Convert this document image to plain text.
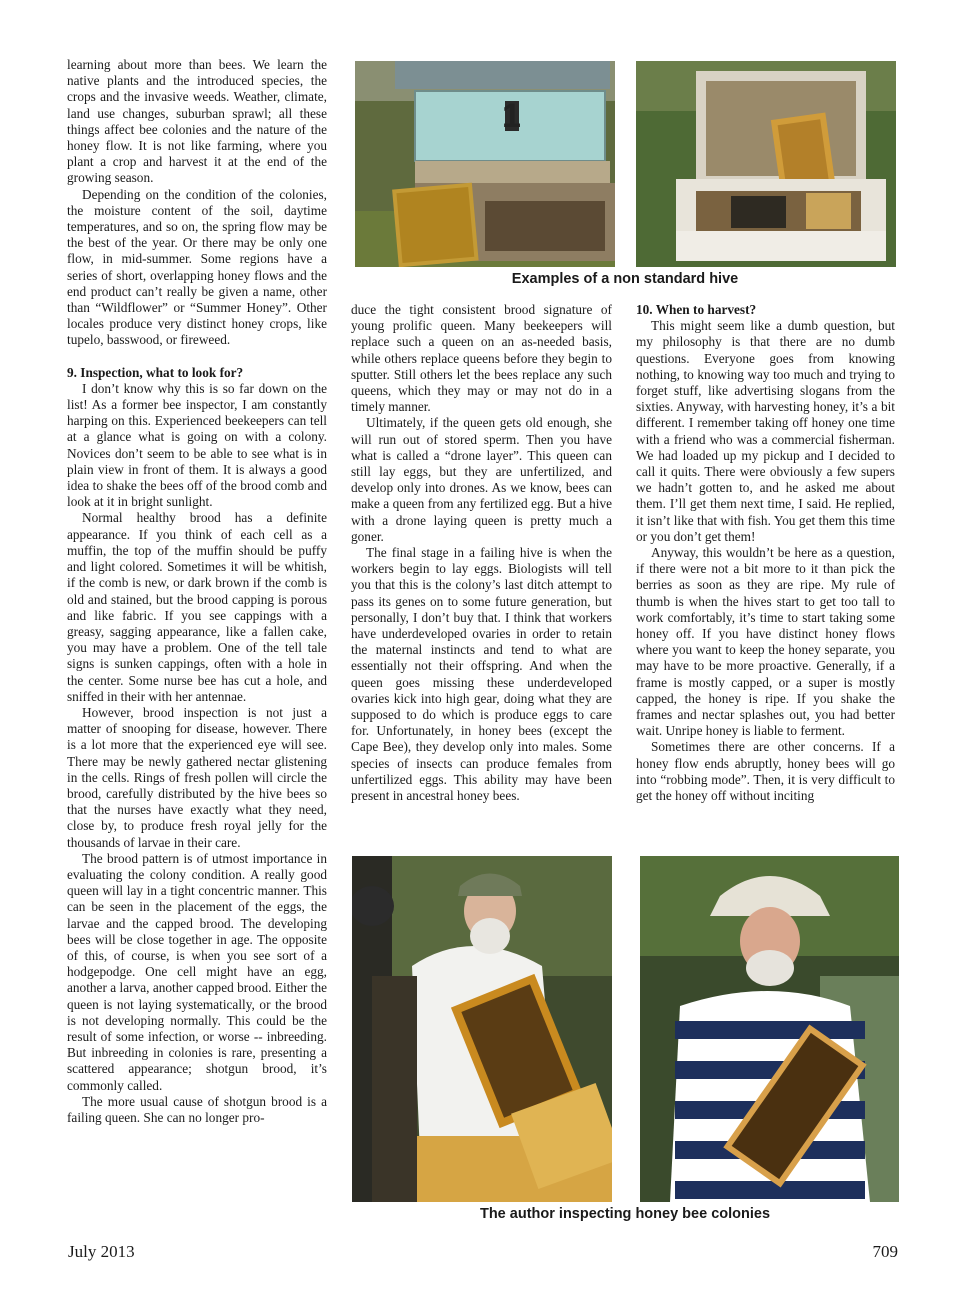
learning about more than bees. We learn the native plants and the introduced species, the crops and the invasive weeds. Weather, climate, land use changes, suburban sprawl; all these things affect bee colonies and the nature of the honey flow. It is not like farming, where you plant a crop and harvest it at the end of the growing season.

Depending on the condition of the colonies, the moisture content of the soil, daytime temperatures, and so on, the spring flow may be the best of the year. Or there may be only one flow, in mid-summer. Some regions have a series of short, overlapping honey flows and the end product can’t really be given a name, other than “Wildflower” or “Summer Honey”. Other locales produce very distinct honey crops, like tupelo, basswood, or fireweed.

9. Inspection, what to look for?

I don’t know why this is so far down on the list! As a former bee inspector, I am constantly harping on this. Experienced beekeepers can tell at a glance what is going on with a colony. Novices don’t seem to be able to see what is in plain view in front of them. It is always a good idea to shake the bees off of the brood comb and look at it in bright sunlight.

Normal healthy brood has a definite appearance. If you think of each cell as a muffin, the top of the muffin should be puffy and light colored. Sometimes it will be whitish, if the comb is new, or dark brown if the comb is old and stained, but the brood capping is porous and like fabric. If you see cappings with a greasy, sagging appearance, like a fallen cake, you may have a problem. One of the tell tale signs is sunken cappings, often with a hole in the center. Some nurse bee has cut a hole, and sniffed in their with her antennae.

However, brood inspection is not just a matter of snooping for disease, however. There is a lot more that the experienced eye will see. There may be newly gathered nectar glistening in the cells. Rings of fresh pollen will circle the brood, carefully distributed by the hive bees so that the nurses have exactly what they need, close by, to produce fresh royal jelly for the thousands of larvae in their care.

The brood pattern is of utmost importance in evaluating the colony condition. A really good queen will lay in a tight concentric manner. This can be seen in the placement of the eggs, the larvae and the capped brood. The developing bees will be close together in age. The opposite of this, of course, is when you see sort of a hodgepodge. One cell might have an egg, another a larva, another capped brood. Either the queen is not laying systematically, or the brood is not developing normally. This could be the result of some infection, or worse -- inbreeding. But inbreeding in colonies is rare, presenting a scattered appearance; shotgun brood, it’s commonly called.

The more usual cause of shotgun brood is a failing queen. She can no longer pro-

1
Examples of a non standard hive

duce the tight consistent brood signature of young prolific queen. Many beekeepers will replace such a queen on an as-needed basis, while others replace queens before they begin to sputter. Still others let the bees replace any such queens, which they may or may not do in a timely manner.

Ultimately, if the queen gets old enough, she will run out of stored sperm. Then you have what is called a “drone layer”. This queen can still lay eggs, but they are unfertilized, and develop only into drones. As we know, bees can make a queen from any fertilized egg. But a hive with a drone laying queen is pretty much a goner.

The final stage in a failing hive is when the workers begin to lay eggs. Biologists will tell you that this is the colony’s last ditch attempt to pass its genes on to some future generation, but personally, I don’t buy that. I think that workers have underdeveloped ovaries in order to retain the maternal instincts and tend to what are essentially not their offspring. And when the queen goes missing these underdeveloped ovaries kick into high gear, doing what they are supposed to do which is produce eggs to care for. Unfortunately, in honey bees (except the Cape Bee), they develop only into males. Some species of insects can produce females from unfertilized eggs. This ability may have been present in ancestral honey bees.

10. When to harvest?

This might seem like a dumb question, but my philosophy is that there are no dumb questions. Everyone goes from knowing nothing, to knowing way too much and trying to forget stuff, like advertising slogans from the sixties. Anyway, with harvesting honey, it’s a bit different. I remember taking off honey one time with a friend who was a commercial fisherman. We had loaded up my pickup and I decided to call it quits. There were obviously a few supers we hadn’t gotten to, and he asked me about them. I’ll get them next time, I said. He replied, it isn’t like that with fish. You get them this time or you don’t get them!

Anyway, this wouldn’t be here as a question, if there were not a bit more to it than pick the berries as soon as they are ripe. My rule of thumb is when the hives start to get too tall to work comfortably, it’s time to start taking some honey off. If you have distinct honey flows where you want to keep the honey separate, you may have to be more proactive. Generally, if a frame is mostly capped, or a super is mostly capped, the honey is ripe. If you shake the frames and nectar splashes out, you had better wait. Unripe honey is liable to ferment.

Sometimes there are other concerns. If a honey flow ends abruptly, honey bees will go into “robbing mode”. Then, it is very difficult to get the honey off without inciting

The author inspecting honey bee colonies
July 2013	709
